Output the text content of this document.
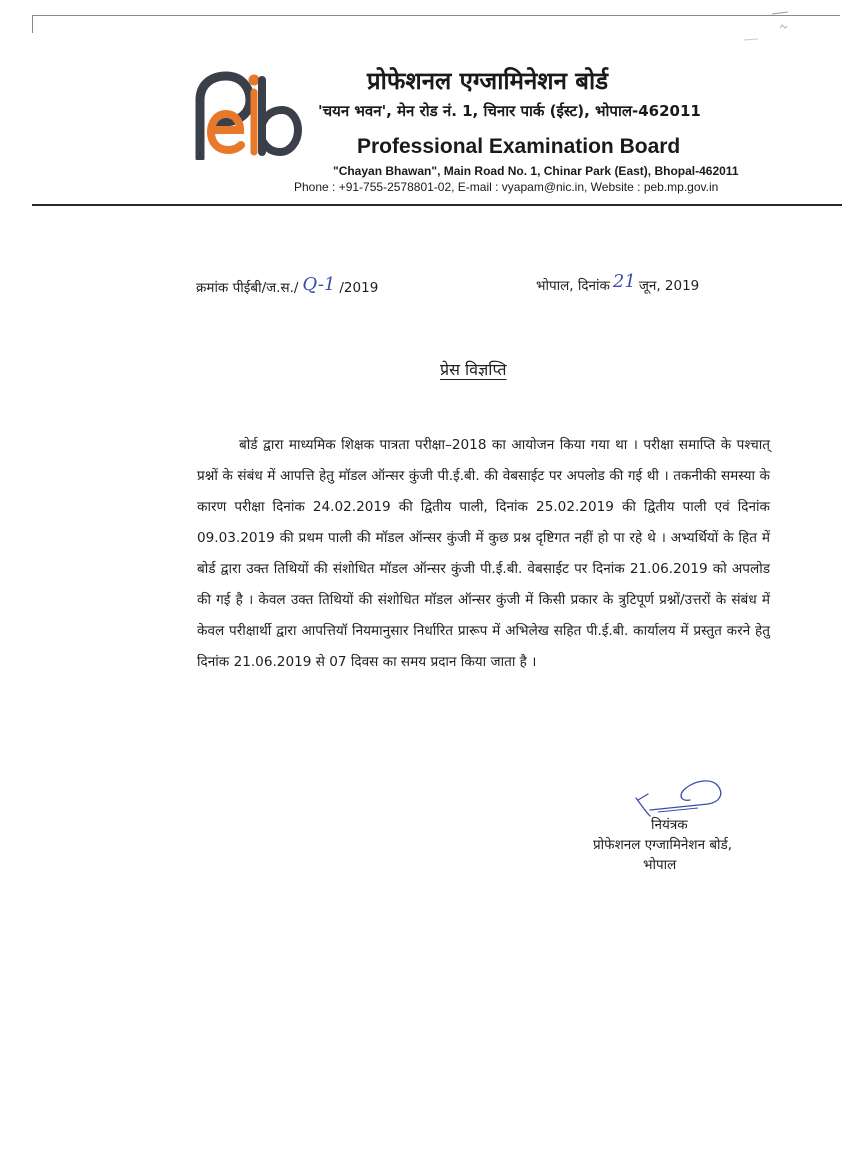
प्रोफेशनल एग्जामिनेशन बोर्ड
'चयन भवन', मेन रोड नं. 1, चिनार पार्क (ईस्ट), भोपाल-462011
Professional Examination Board
"Chayan Bhawan", Main Road No. 1, Chinar Park (East), Bhopal-462011
Phone : +91-755-2578801-02, E-mail : vyapam@nic.in, Website : peb.mp.gov.in
क्रमांक पीईबी/ज.स./ Q-1 /2019	भोपाल, दिनांक 21 जून, 2019
प्रेस विज्ञप्ति

बोर्ड द्वारा माध्यमिक शिक्षक पात्रता परीक्षा–2018 का आयोजन किया गया था । परीक्षा समाप्ति के पश्चात् प्रश्नों के संबंध में आपत्ति हेतु मॉडल ऑन्सर कुंजी पी.ई.बी. की वेबसाईट पर अपलोड की गई थी । तकनीकी समस्या के कारण परीक्षा दिनांक 24.02.2019 की द्वितीय पाली, दिनांक 25.02.2019 की द्वितीय पाली एवं दिनांक 09.03.2019 की प्रथम पाली की मॉडल ऑन्सर कुंजी में कुछ प्रश्न दृष्टिगत नहीं हो पा रहे थे । अभ्यर्थियों के हित में बोर्ड द्वारा उक्त तिथियों की संशोधित मॉडल ऑन्सर कुंजी पी.ई.बी. वेबसाईट पर दिनांक 21.06.2019 को अपलोड की गई है । केवल उक्त तिथियों की संशोधित मॉडल ऑन्सर कुंजी में किसी प्रकार के त्रुटिपूर्ण प्रश्नों/उत्तरों के संबंध में केवल परीक्षार्थी द्वारा आपत्तियॉ नियमानुसार निर्धारित प्रारूप में अभिलेख सहित पी.ई.बी. कार्यालय में प्रस्तुत करने हेतु दिनांक 21.06.2019 से 07 दिवस का समय प्रदान किया जाता है ।

नियंत्रक
प्रोफेशनल एग्जामिनेशन बोर्ड,
भोपाल
